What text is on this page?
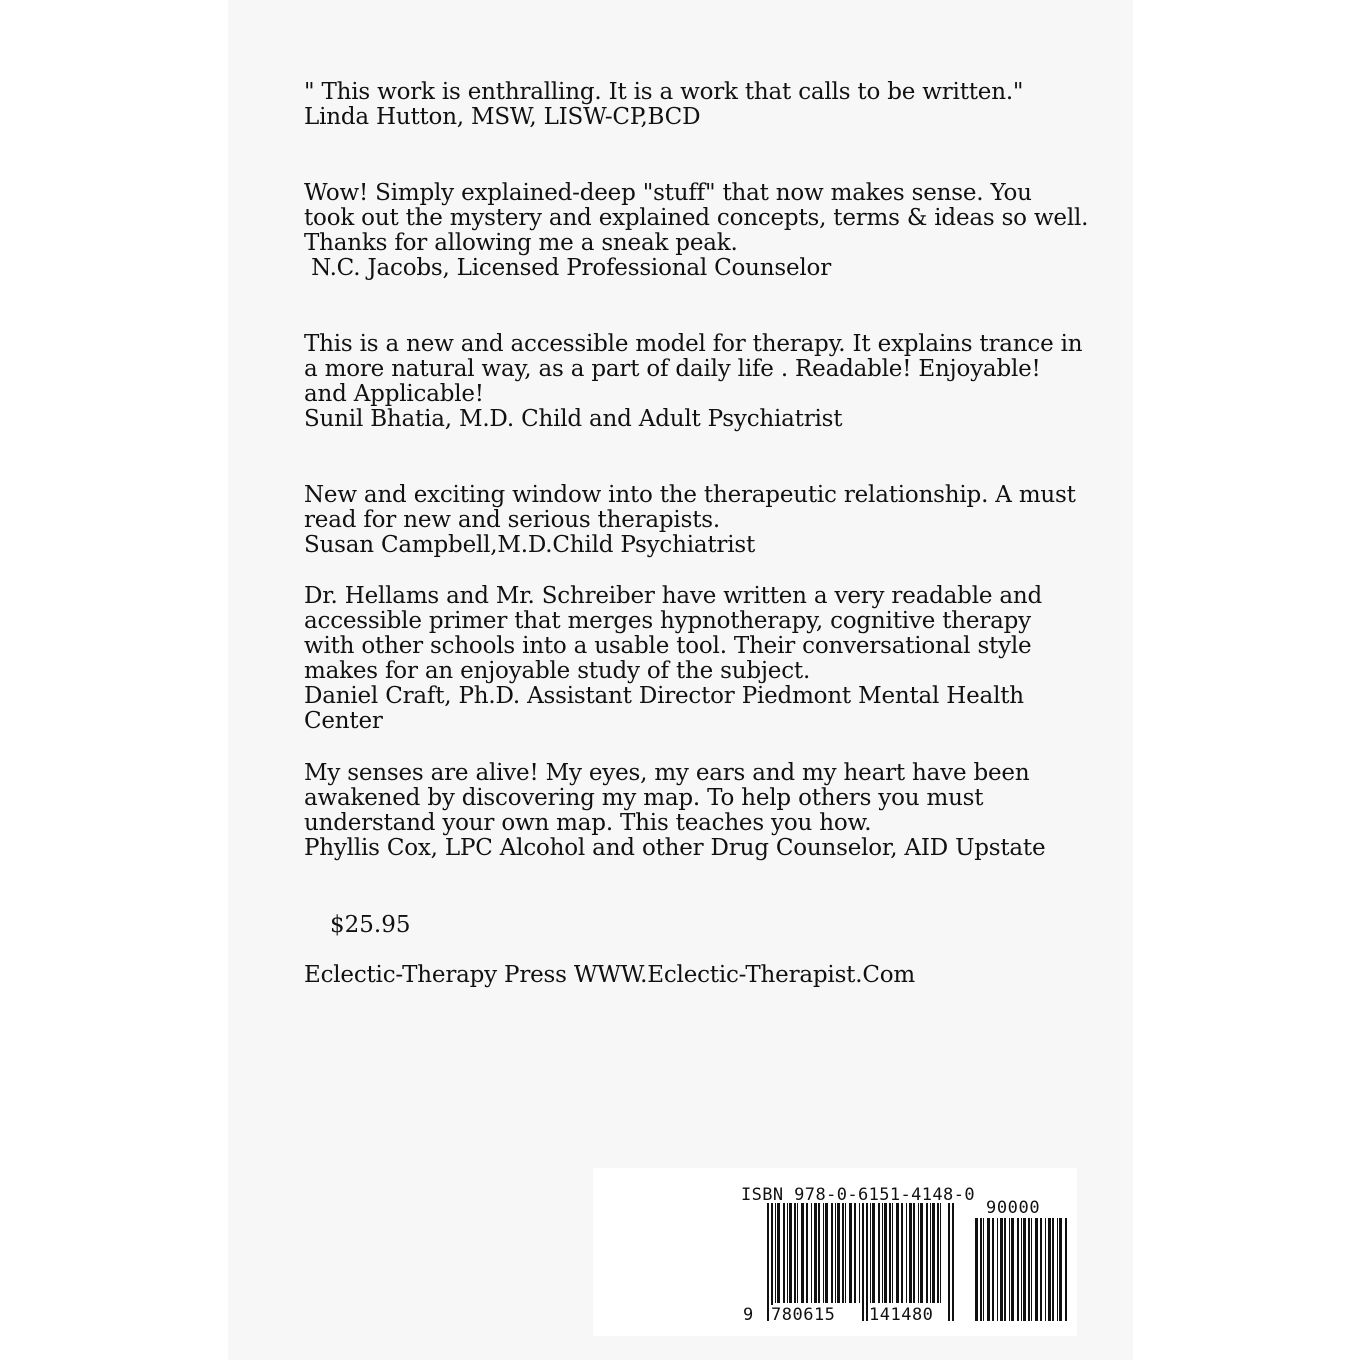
" This work is enthralling. It is a work that calls to be written."
Linda Hutton, MSW, LISW-CP,BCD
Wow! Simply explained-deep "stuff" that now makes sense. You
took out the mystery and explained concepts, terms & ideas so well.
Thanks for allowing me a sneak peak.
N.C. Jacobs, Licensed Professional Counselor
This is a new and accessible model for therapy. It explains trance in
a more natural way, as a part of daily life . Readable! Enjoyable!
and Applicable!
Sunil Bhatia, M.D. Child and Adult Psychiatrist
New and exciting window into the therapeutic relationship. A must
read for new and serious therapists.
Susan Campbell,M.D.Child Psychiatrist
Dr. Hellams and Mr. Schreiber have written a very readable and
accessible primer that merges hypnotherapy, cognitive therapy
with other schools into a usable tool. Their conversational style
makes for an enjoyable study of the subject.
Daniel Craft, Ph.D. Assistant Director Piedmont Mental Health
Center
My senses are alive! My eyes, my ears and my heart have been
awakened by discovering my map. To help others you must
understand your own map. This teaches you how.
Phyllis Cox, LPC Alcohol and other Drug Counselor, AID Upstate
$25.95
Eclectic-Therapy Press WWW.Eclectic-Therapist.Com
ISBN 978-0-6151-4148-0
90000
9 780615 141480
